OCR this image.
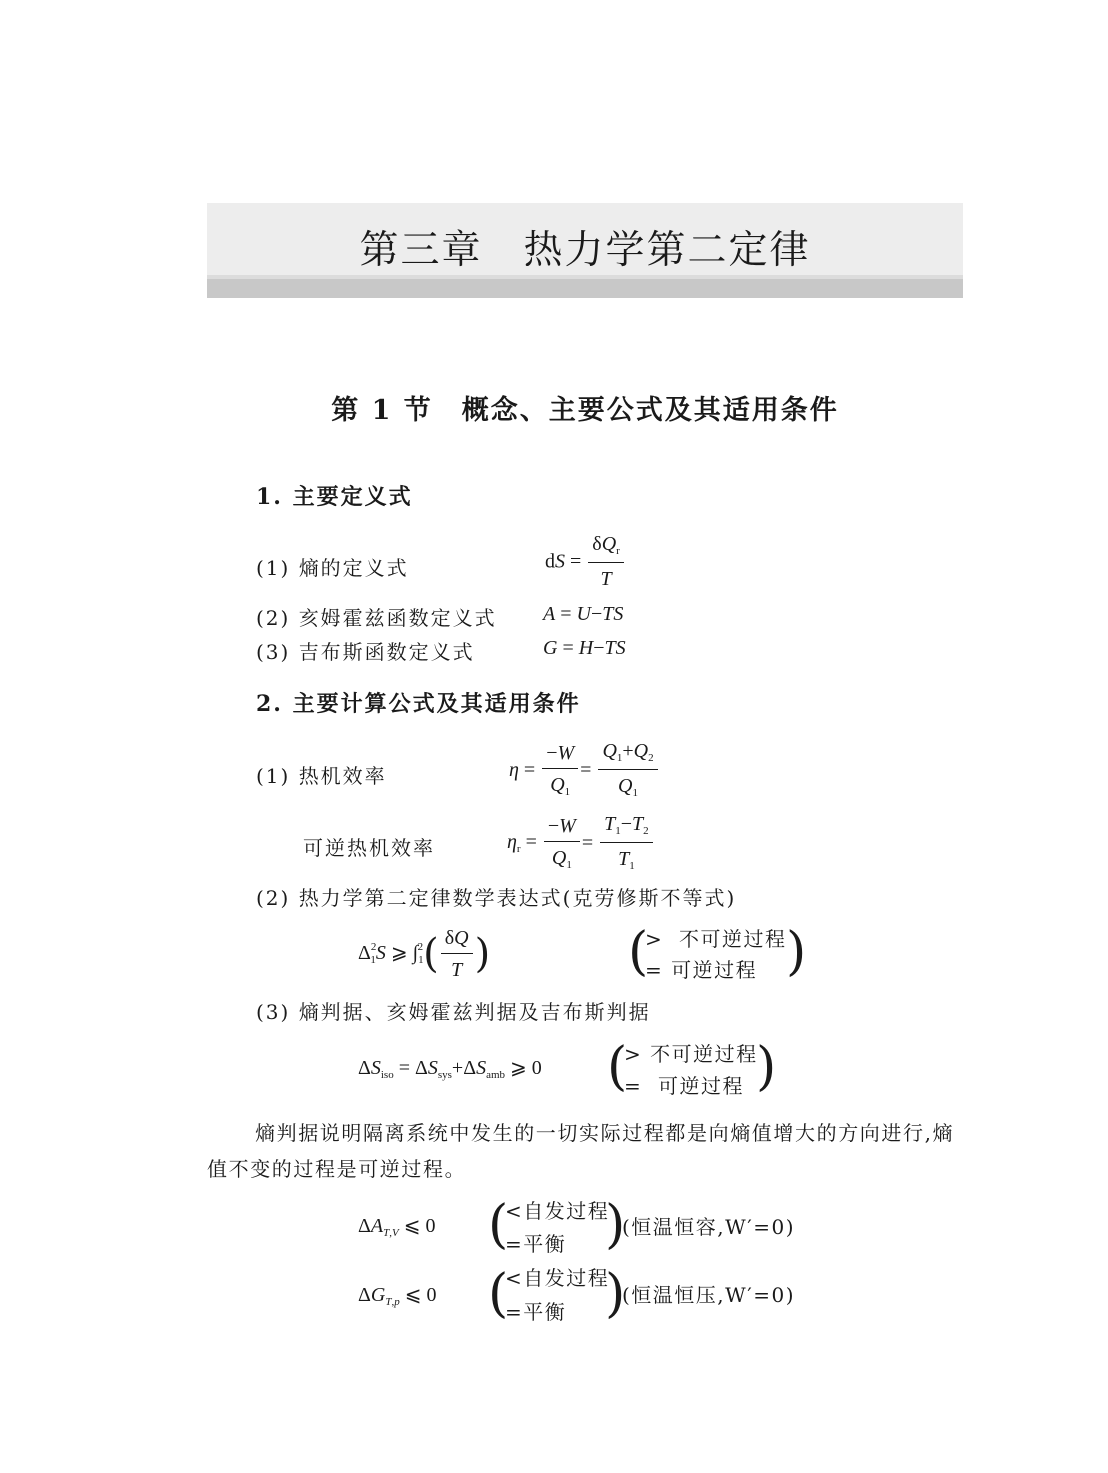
第三章　热力学第二定律
第 1 节　概念、主要公式及其适用条件
1. 主要定义式
(1) 熵的定义式	dS = $\frac{\delta Q_r}{T}$
(2) 亥姆霍兹函数定义式 A = U−TS
(3) 吉布斯函数定义式	G = H−TS
2. 主要计算公式及其适用条件
(1) 热机效率	$\eta = \frac{-W}{Q_1} = \frac{Q_1+Q_2}{Q_1}$
可逆热机效率	$\eta_r = \frac{-W}{Q_1} = \frac{T_1-T_2}{T_1}$
(2) 热力学第二定律数学表达式(克劳修斯不等式)
$\Delta^2_1S$ ⩾ $\int_1^2( \frac{\delta Q}{T}$ )	(
>  不可逆过程
= 可逆过程 )
(3) 熵判据、亥姆霍兹判据及吉布斯判据
$\Delta S_{iso} = \Delta S_{sys}+\Delta S_{amb}$ ⩾ 0 (
> 不可逆过程
=  可逆过程 )
熵判据说明隔离系统中发生的一切实际过程都是向熵值增大的方向进行,熵值不变的过程是可逆过程。
$\Delta A_{T,V}$ ⩽ 0 (
<自发过程
=平衡 )
(恒温恒容,W′=0)
$\Delta G_{T,p}$ ⩽ 0 (
<自发过程
=平衡 )
(恒温恒压,W′=0)
